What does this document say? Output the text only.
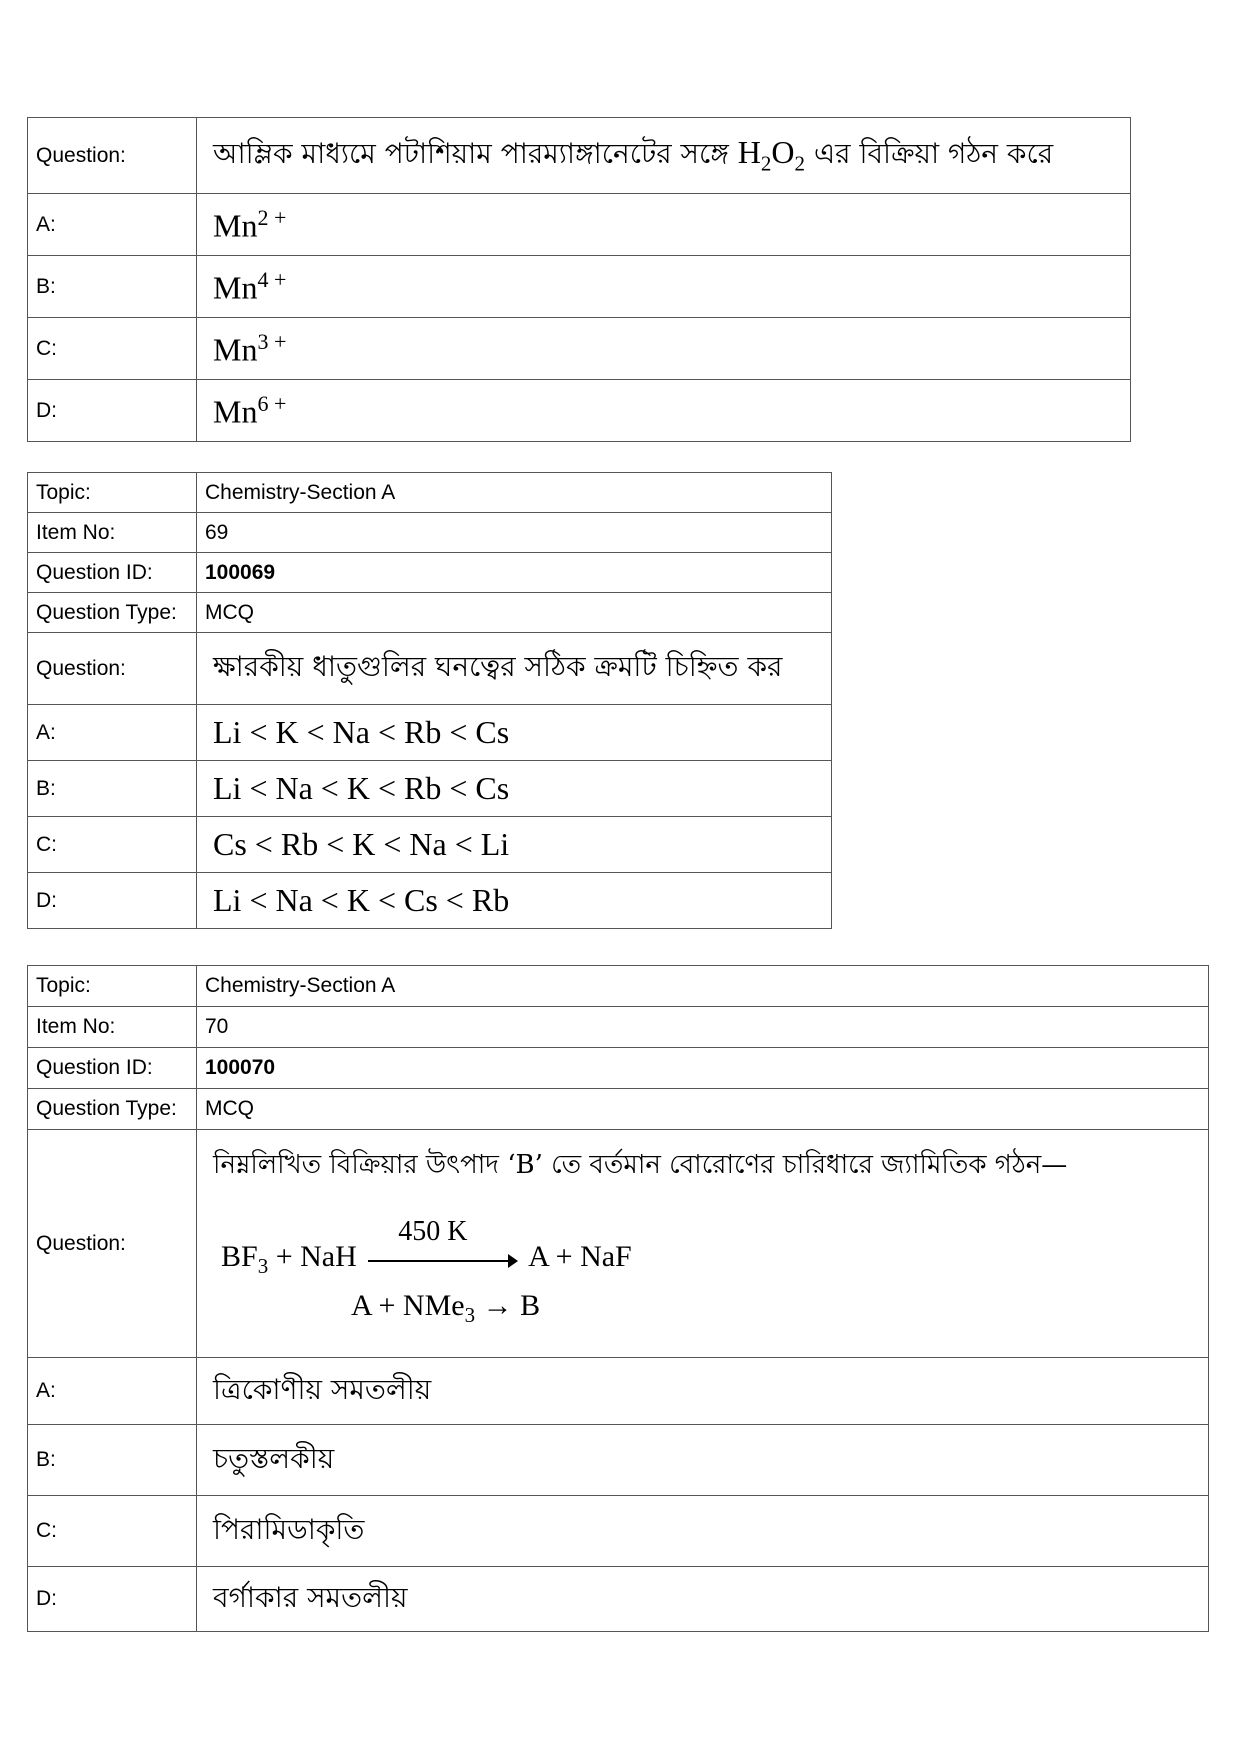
Question:	আম্লিক মাধ্যমে পটাশিয়াম পারম্যাঙ্গানেটের সঙ্গে $H_2O_2$ এর বিক্রিয়া গঠন করে
A:	$Mn^{2 +}$
B:	$Mn^{4 +}$
C:	$Mn^{3 +}$
D:	$Mn^{6 +}$
Topic:	Chemistry-Section A
Item No:	69
Question ID:	100069
Question Type:	MCQ
Question:	ক্ষারকীয় ধাতুগুলির ঘনত্বের সঠিক ক্রমটি চিহ্নিত কর
A:	Li < K < Na < Rb < Cs
B:	Li < Na < K < Rb < Cs
C:	Cs < Rb < K < Na < Li
D:	Li < Na < K < Cs < Rb
Topic:	Chemistry-Section A
Item No:	70
Question ID:	100070
Question Type:	MCQ
Question:	নিম্নলিখিত বিক্রিয়ার উৎপাদ ‘B’ তে বর্তমান বোরোণের চারিধারে জ্যামিতিক গঠন—
$BF_3$ + NaH
450 K
A + NaF
A + NMe$_3$ → B

A:	ত্রিকোণীয় সমতলীয়
B:	চতুস্তলকীয়
C:	পিরামিডাকৃতি
D:	বর্গাকার সমতলীয়
